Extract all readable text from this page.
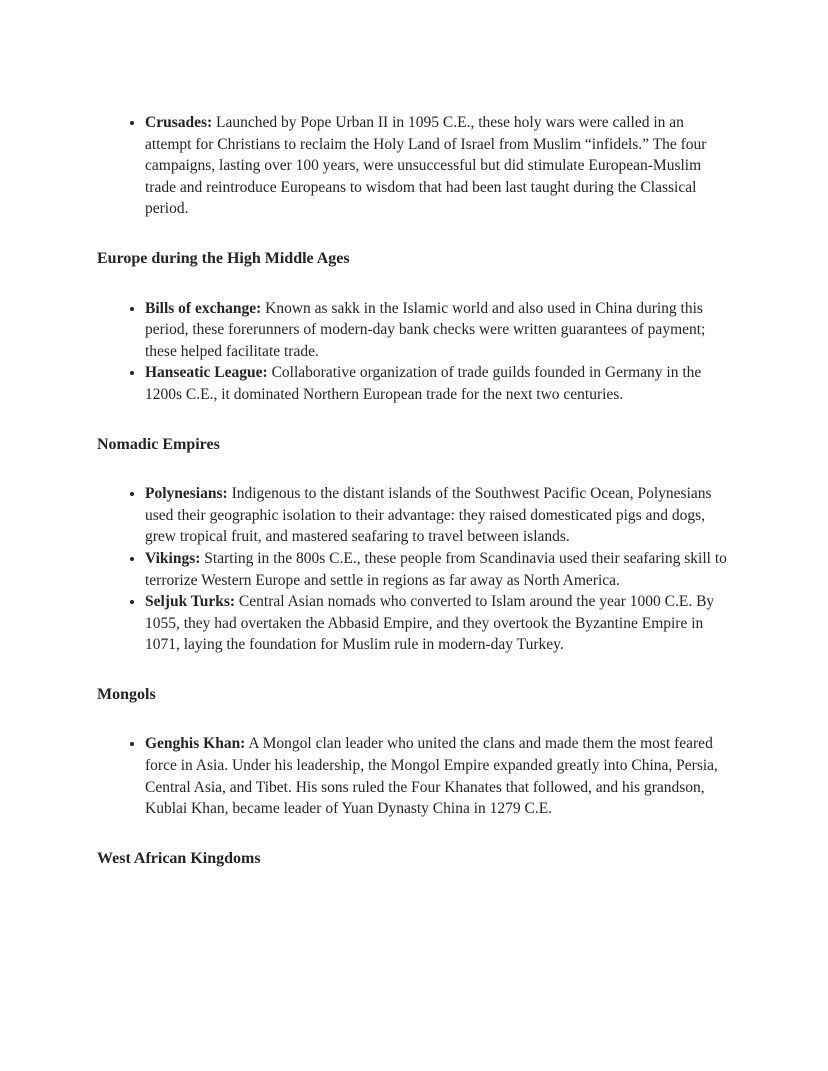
• Crusades: Launched by Pope Urban II in 1095 C.E., these holy wars were called in an attempt for Christians to reclaim the Holy Land of Israel from Muslim “infidels.” The four campaigns, lasting over 100 years, were unsuccessful but did stimulate European-Muslim trade and reintroduce Europeans to wisdom that had been last taught during the Classical period.
Europe during the High Middle Ages
• Bills of exchange: Known as sakk in the Islamic world and also used in China during this period, these forerunners of modern-day bank checks were written guarantees of payment; these helped facilitate trade.
• Hanseatic League: Collaborative organization of trade guilds founded in Germany in the 1200s C.E., it dominated Northern European trade for the next two centuries.
Nomadic Empires
• Polynesians: Indigenous to the distant islands of the Southwest Pacific Ocean, Polynesians used their geographic isolation to their advantage: they raised domesticated pigs and dogs, grew tropical fruit, and mastered seafaring to travel between islands.
• Vikings: Starting in the 800s C.E., these people from Scandinavia used their seafaring skill to terrorize Western Europe and settle in regions as far away as North America.
• Seljuk Turks: Central Asian nomads who converted to Islam around the year 1000 C.E. By 1055, they had overtaken the Abbasid Empire, and they overtook the Byzantine Empire in 1071, laying the foundation for Muslim rule in modern-day Turkey.
Mongols
• Genghis Khan: A Mongol clan leader who united the clans and made them the most feared force in Asia. Under his leadership, the Mongol Empire expanded greatly into China, Persia, Central Asia, and Tibet. His sons ruled the Four Khanates that followed, and his grandson, Kublai Khan, became leader of Yuan Dynasty China in 1279 C.E.
West African Kingdoms
